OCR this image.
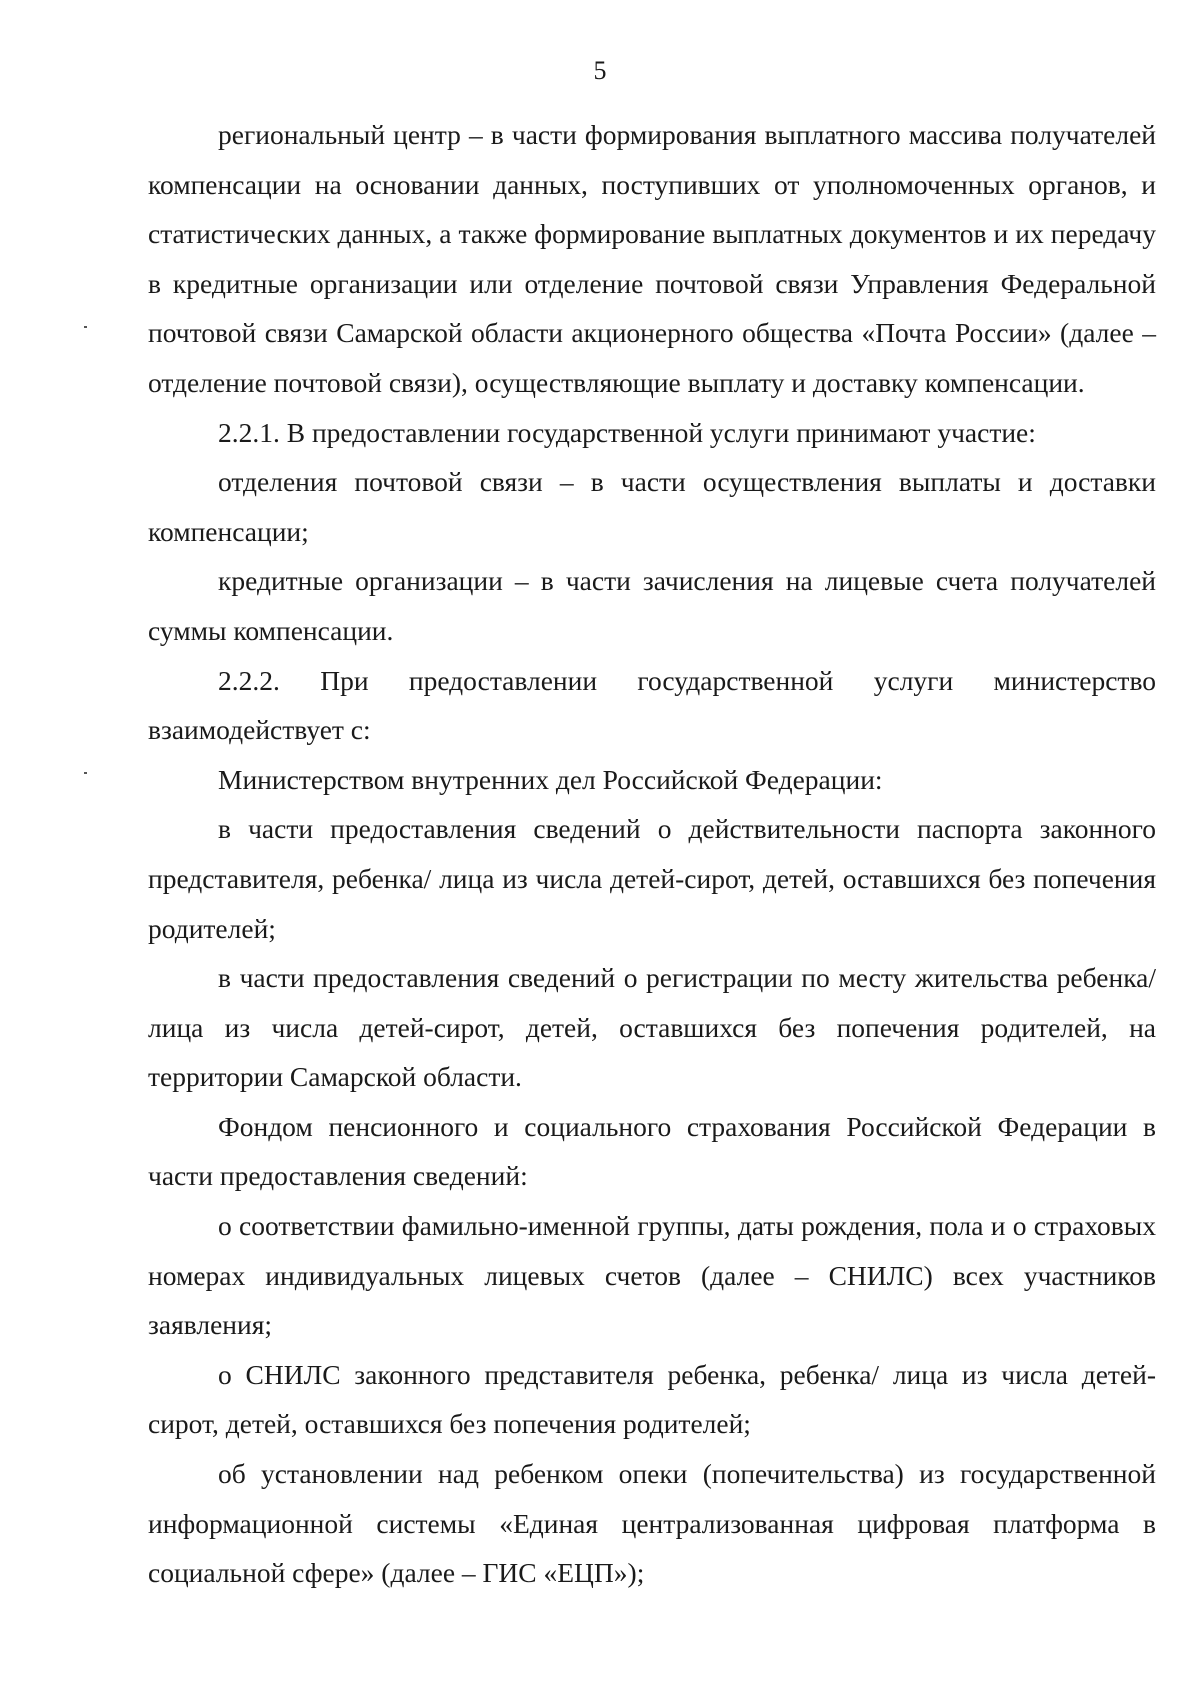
5

региональный центр – в части формирования выплатного массива получателей компенсации на основании данных, поступивших от уполномоченных органов, и статистических данных, а также формирование выплатных документов и их передачу в кредитные организации или отделение почтовой связи Управления Федеральной почтовой связи Самарской области акционерного общества «Почта России» (далее – отделение почтовой связи), осуществляющие выплату и доставку компенсации.

2.2.1. В предоставлении государственной услуги принимают участие:

отделения почтовой связи – в части осуществления выплаты и доставки компенсации;

кредитные организации – в части зачисления на лицевые счета получателей суммы компенсации.

2.2.2. При предоставлении государственной услуги министерство взаимодействует с:

Министерством внутренних дел Российской Федерации:

в части предоставления сведений о действительности паспорта законного представителя, ребенка/ лица из числа детей-сирот, детей, оставшихся без попечения родителей;

в части предоставления сведений о регистрации по месту жительства ребенка/ лица из числа детей-сирот, детей, оставшихся без попечения родителей, на территории Самарской области.

Фондом пенсионного и социального страхования Российской Федерации в части предоставления сведений:

о соответствии фамильно-именной группы, даты рождения, пола и о страховых номерах индивидуальных лицевых счетов (далее – СНИЛС) всех участников заявления;

о СНИЛС законного представителя ребенка, ребенка/ лица из числа детей-сирот, детей, оставшихся без попечения родителей;

об установлении над ребенком опеки (попечительства) из государственной информационной системы «Единая централизованная цифровая платформа в социальной сфере» (далее – ГИС «ЕЦП»);
